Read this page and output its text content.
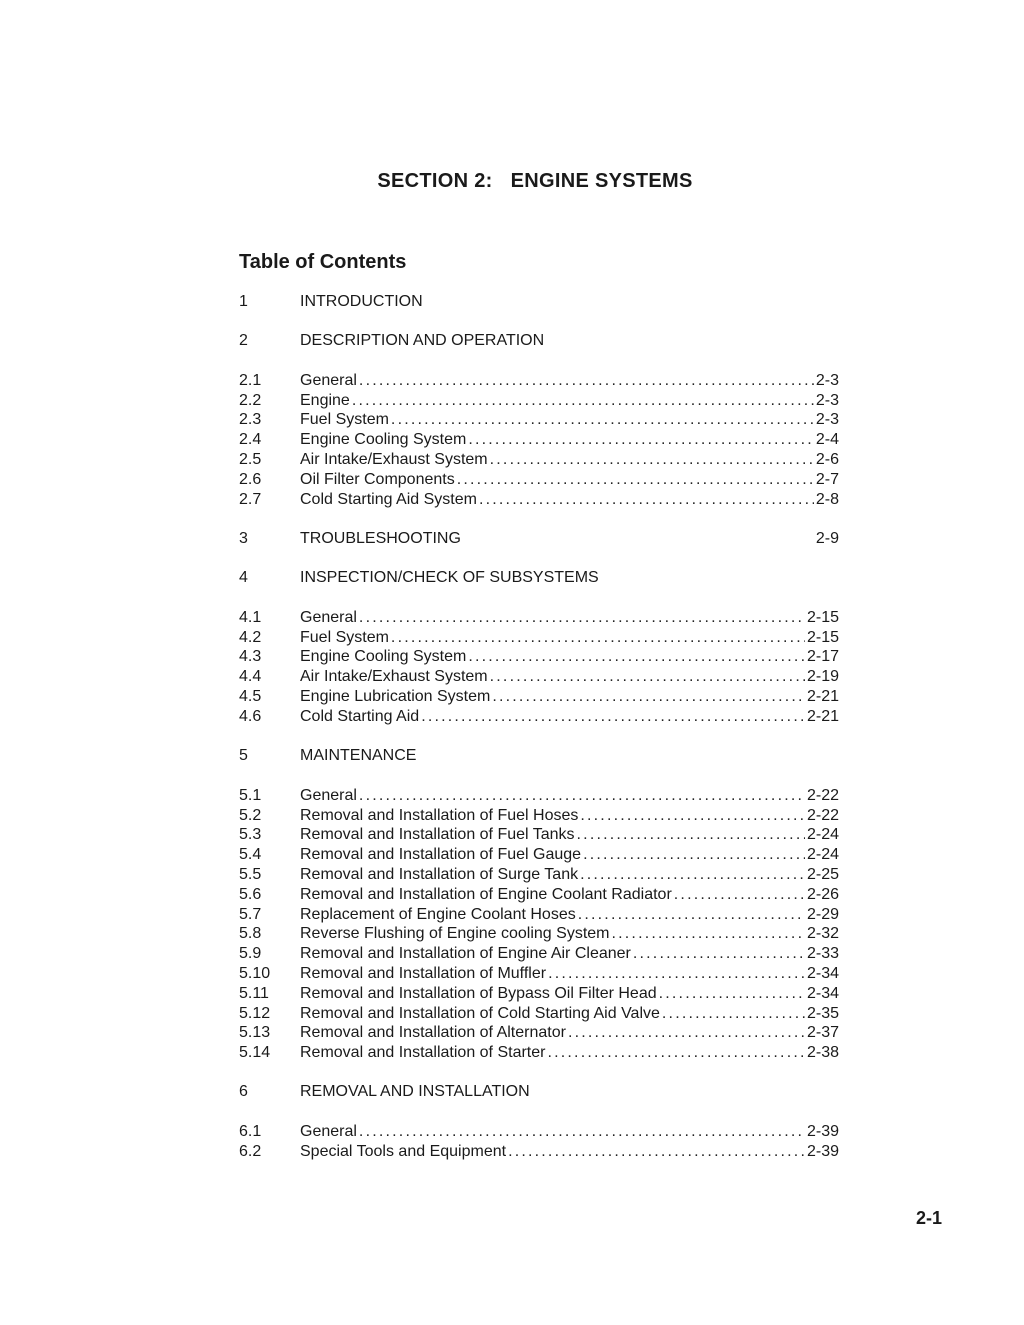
SECTION 2: ENGINE SYSTEMS
Table of Contents
1	INTRODUCTION
2	DESCRIPTION AND OPERATION
2.1	General .....	2-3
2.2	Engine .....	2-3
2.3	Fuel System .....	2-3
2.4	Engine Cooling System .....	2-4
2.5	Air Intake/Exhaust System .....	2-6
2.6	Oil Filter Components .....	2-7
2.7	Cold Starting Aid System .....	2-8
3	TROUBLESHOOTING	2-9
4	INSPECTION/CHECK OF SUBSYSTEMS
4.1	General .....	2-15
4.2	Fuel System .....	2-15
4.3	Engine Cooling System .....	2-17
4.4	Air Intake/Exhaust System .....	2-19
4.5	Engine Lubrication System .....	2-21
4.6	Cold Starting Aid .....	2-21
5	MAINTENANCE
5.1	General .....	2-22
5.2	Removal and Installation of Fuel Hoses .....	2-22
5.3	Removal and Installation of Fuel Tanks .....	2-24
5.4	Removal and Installation of Fuel Gauge .....	2-24
5.5	Removal and Installation of Surge Tank .....	2-25
5.6	Removal and Installation of Engine Coolant Radiator .....	2-26
5.7	Replacement of Engine Coolant Hoses .....	2-29
5.8	Reverse Flushing of Engine cooling System .....	2-32
5.9	Removal and Installation of Engine Air Cleaner .....	2-33
5.10	Removal and Installation of Muffler .....	2-34
5.11	Removal and Installation of Bypass Oil Filter Head .....	2-34
5.12	Removal and Installation of Cold Starting Aid Valve .....	2-35
5.13	Removal and Installation of Alternator .....	2-37
5.14	Removal and Installation of Starter .....	2-38
6	REMOVAL AND INSTALLATION
6.1	General .....	2-39
6.2	Special Tools and Equipment .....	2-39
2-1
